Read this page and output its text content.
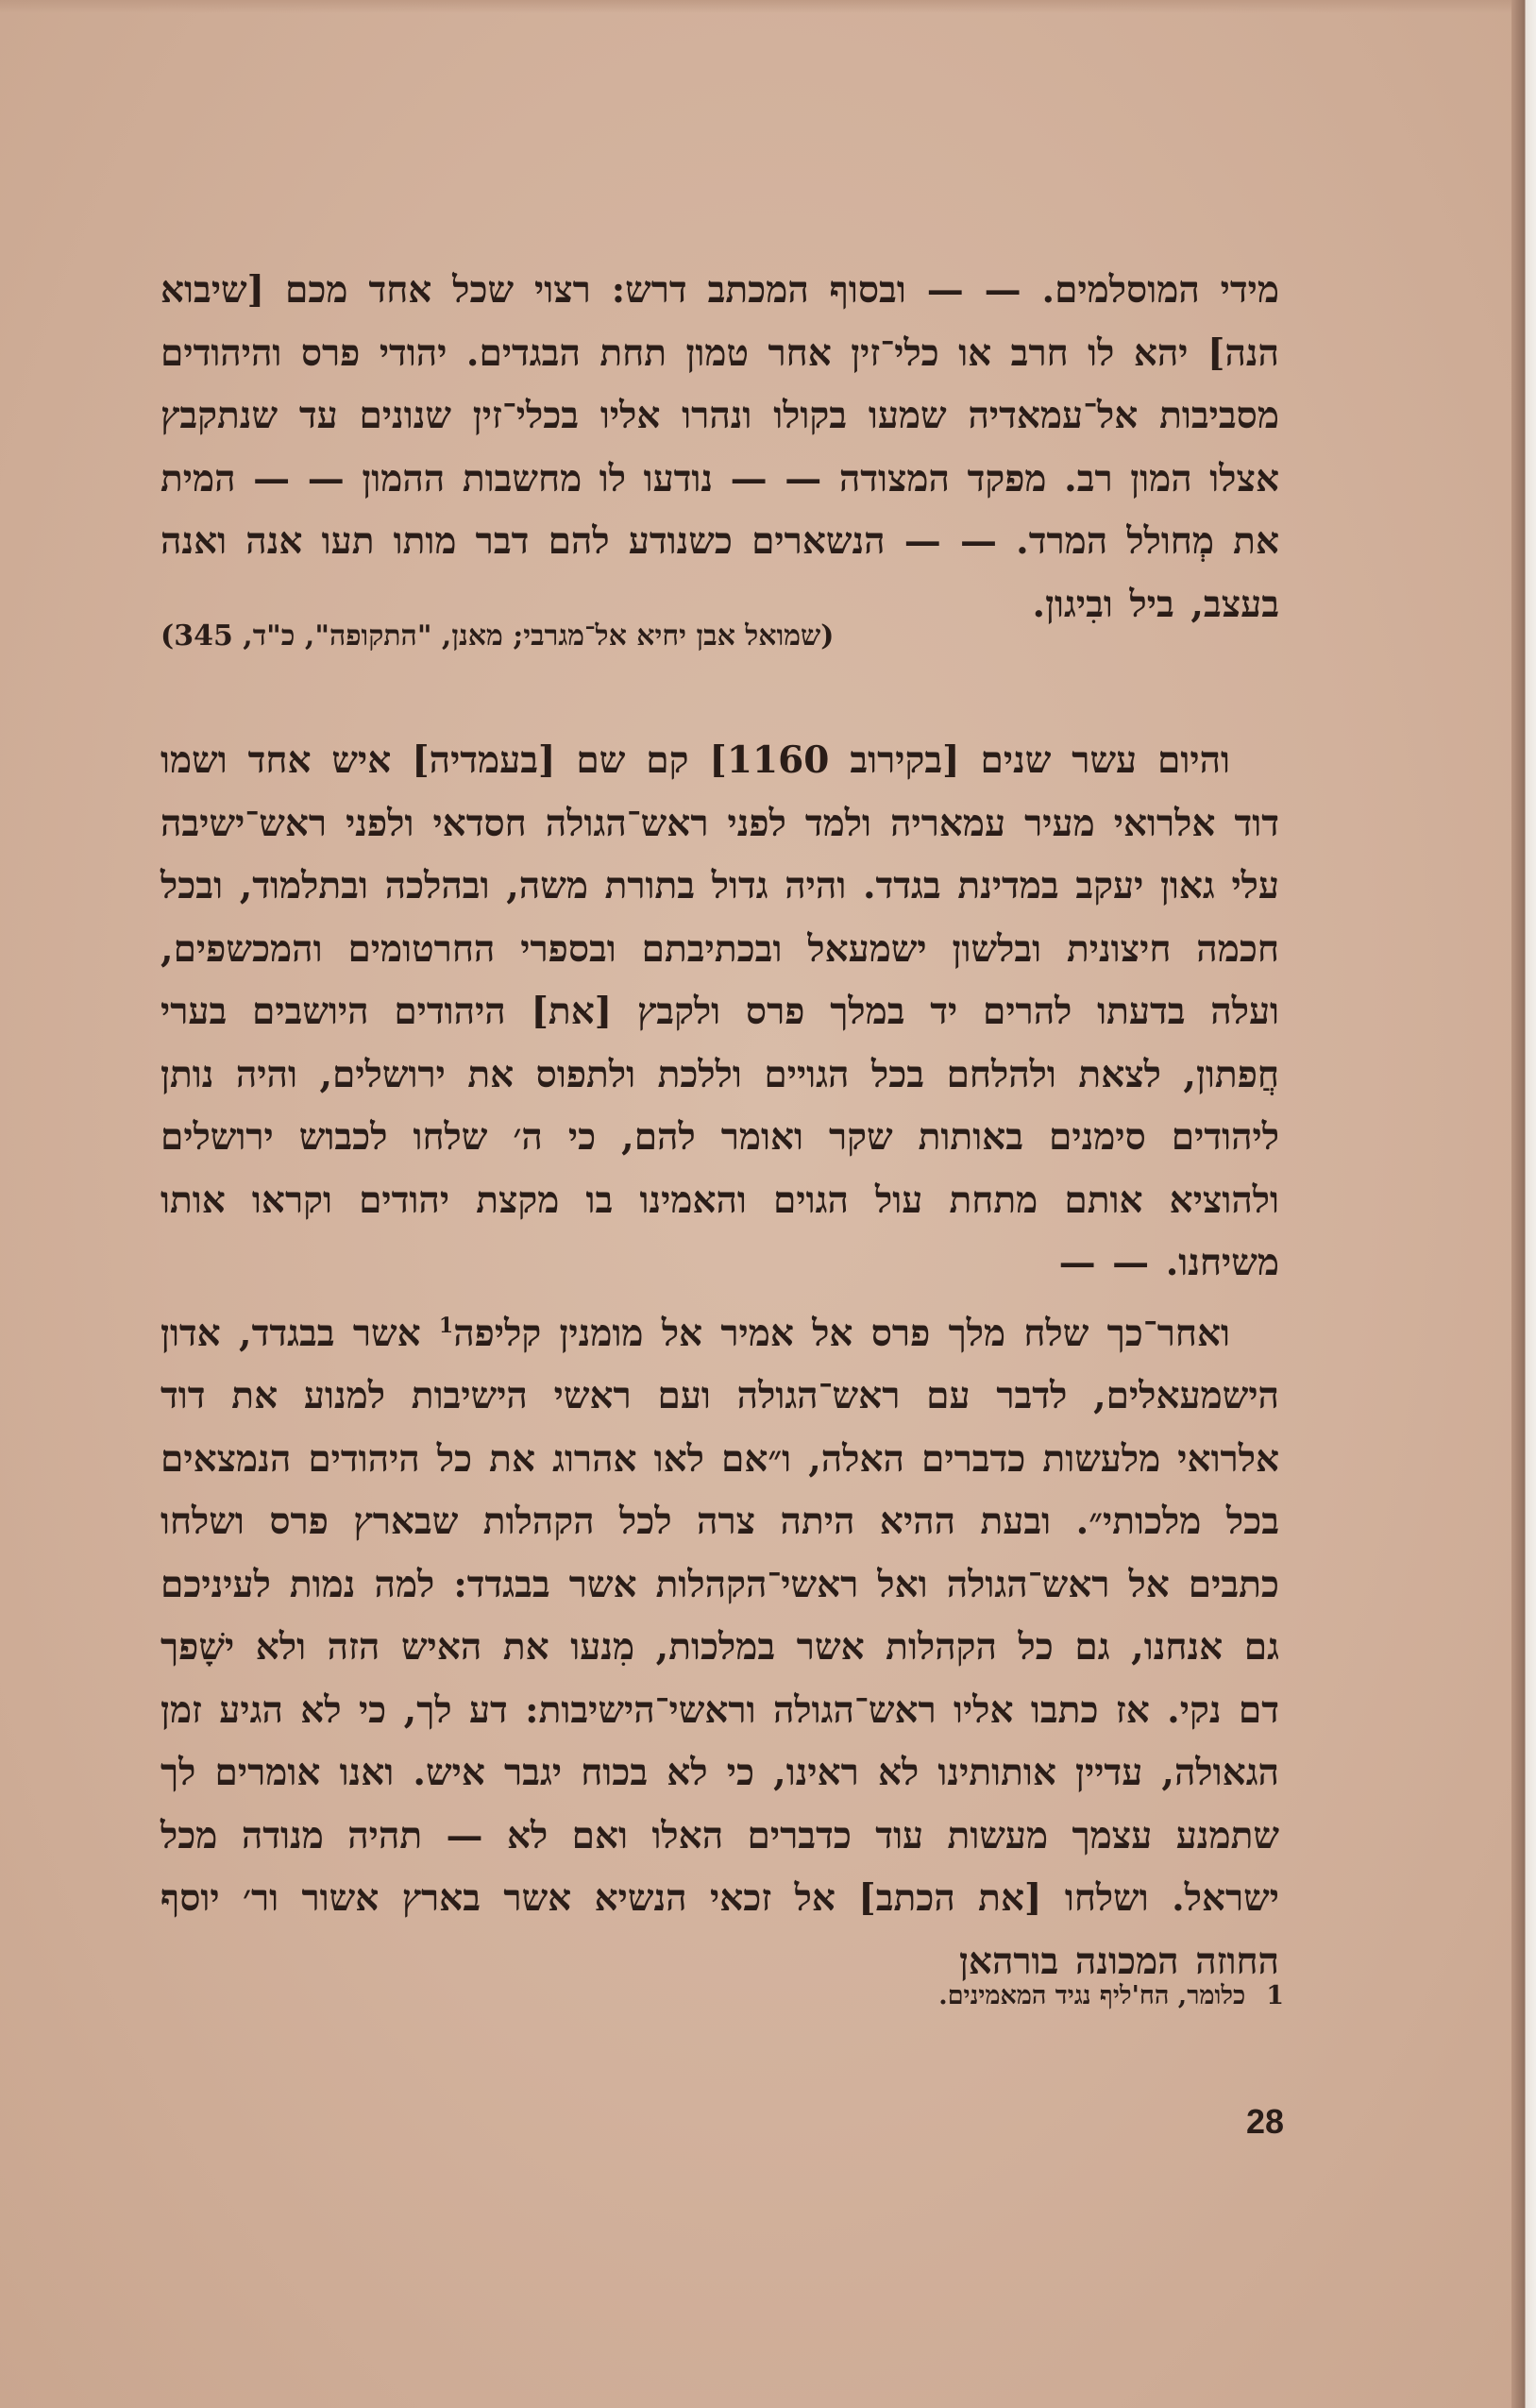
מידי המוסלמים. — — ובסוף המכתב דרש: רצוי שכל אחד מכם [שיבוא הנה] יהא לו חרב או כלי־זין אחר טמון תחת הבגדים. יהודי פרס והיהודים מסביבות אל־עמאדיה שמעו בקולו ונהרו אליו בכלי־זין שנונים עד שנתקבץ אצלו המון רב. מפקד המצודה — — נודעו לו מחשבות ההמון — — המית את מְחולל המרד. — — הנשארים כשנודע להם דבר מותו תעו אנה ואנה בעצב, ביל ובִיגון.

(שמואל אבן יחיא אל־מגרבי; מאנן, "התקופה", כ"ד, 345)

והיום עשר שנים [בקירוב 1160] קם שם [בעמדיה] איש אחד ושמו דוד אלרואי מעיר עמאריה ולמד לפני ראש־הגולה חסדאי ולפני ראש־ישיבה עלי גאון יעקב במדינת בגדד. והיה גדול בתורת משה, ובהלכה ובתלמוד, ובכל חכמה חיצונית ובלשון ישמעאל ובכתיבתם ובספרי החרטומים והמכשפים, ועלה בדעתו להרים יד במלך פרס ולקבץ [את] היהודים היושבים בערי חֲפתון, לצאת ולהלחם בכל הגויים וללכת ולתפוס את ירושלים, והיה נותן ליהודים סימנים באותות שקר ואומר להם, כי ה׳ שלחו לכבוש ירושלים ולהוציא אותם מתחת עול הגוים והאמינו בו מקצת יהודים וקראו אותו משיחנו. — —

ואחר־כך שלח מלך פרס אל אמיר אל מומנין קליפה$^1$ אשר בבגדד, אדון הישמעאלים, לדבר עם ראש־הגולה ועם ראשי הישיבות למנוע את דוד אלרואי מלעשות כדברים האלה, ו״אם לאו אהרוג את כל היהודים הנמצאים בכל מלכותי״. ובעת ההיא היתה צרה לכל הקהלות שבארץ פרס ושלחו כתבים אל ראש־הגולה ואל ראשי־הקהלות אשר בבגדד: למה נמות לעיניכם גם אנחנו, גם כל הקהלות אשר במלכות, מִנעו את האיש הזה ולא ישָׁפך דם נקי. אז כתבו אליו ראש־הגולה וראשי־הישיבות: דע לך, כי לא הגיע זמן הגאולה, עדיין אותותינו לא ראינו, כי לא בכוח יגבר איש. ואנו אומרים לך שתמנע עצמך מעשות עוד כדברים האלו ואם לא — תהיה מנודה מכל ישראל. ושלחו [את הכתב] אל זכאי הנשיא אשר בארץ אשור ור׳ יוסף החוזה המכונה בורהאן

1כלומר, הח'ליף נגיד המאמינים.
28
